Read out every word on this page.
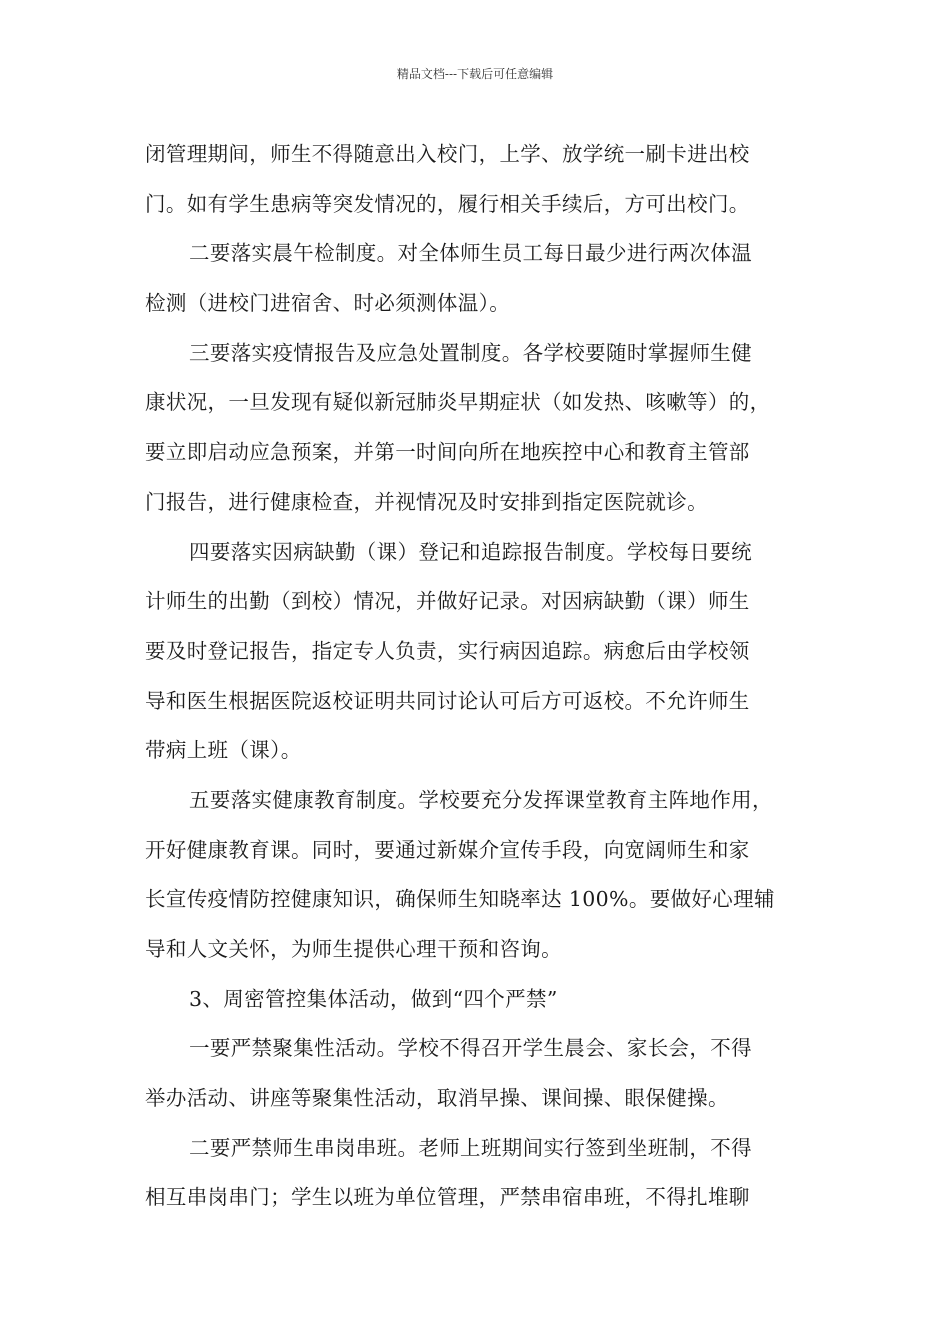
精品文档---下载后可任意编辑
闭管理期间，师生不得随意出入校门，上学、放学统一刷卡进出校
门。如有学生患病等突发情况的，履行相关手续后，方可出校门。
二要落实晨午检制度。对全体师生员工每日最少进行两次体温
检测（进校门进宿舍、时必须测体温）。
三要落实疫情报告及应急处置制度。各学校要随时掌握师生健
康状况，一旦发现有疑似新冠肺炎早期症状（如发热、咳嗽等）的，
要立即启动应急预案，并第一时间向所在地疾控中心和教育主管部
门报告，进行健康检查，并视情况及时安排到指定医院就诊。
四要落实因病缺勤（课）登记和追踪报告制度。学校每日要统
计师生的出勤（到校）情况，并做好记录。对因病缺勤（课）师生
要及时登记报告，指定专人负责，实行病因追踪。病愈后由学校领
导和医生根据医院返校证明共同讨论认可后方可返校。不允许师生
带病上班（课）。
五要落实健康教育制度。学校要充分发挥课堂教育主阵地作用，
开好健康教育课。同时，要通过新媒介宣传手段，向宽阔师生和家
长宣传疫情防控健康知识，确保师生知晓率达 100%。要做好心理辅
导和人文关怀，为师生提供心理干预和咨询。
3、周密管控集体活动，做到“四个严禁”
一要严禁聚集性活动。学校不得召开学生晨会、家长会，不得
举办活动、讲座等聚集性活动，取消早操、课间操、眼保健操。
二要严禁师生串岗串班。老师上班期间实行签到坐班制，不得
相互串岗串门；学生以班为单位管理，严禁串宿串班，不得扎堆聊
